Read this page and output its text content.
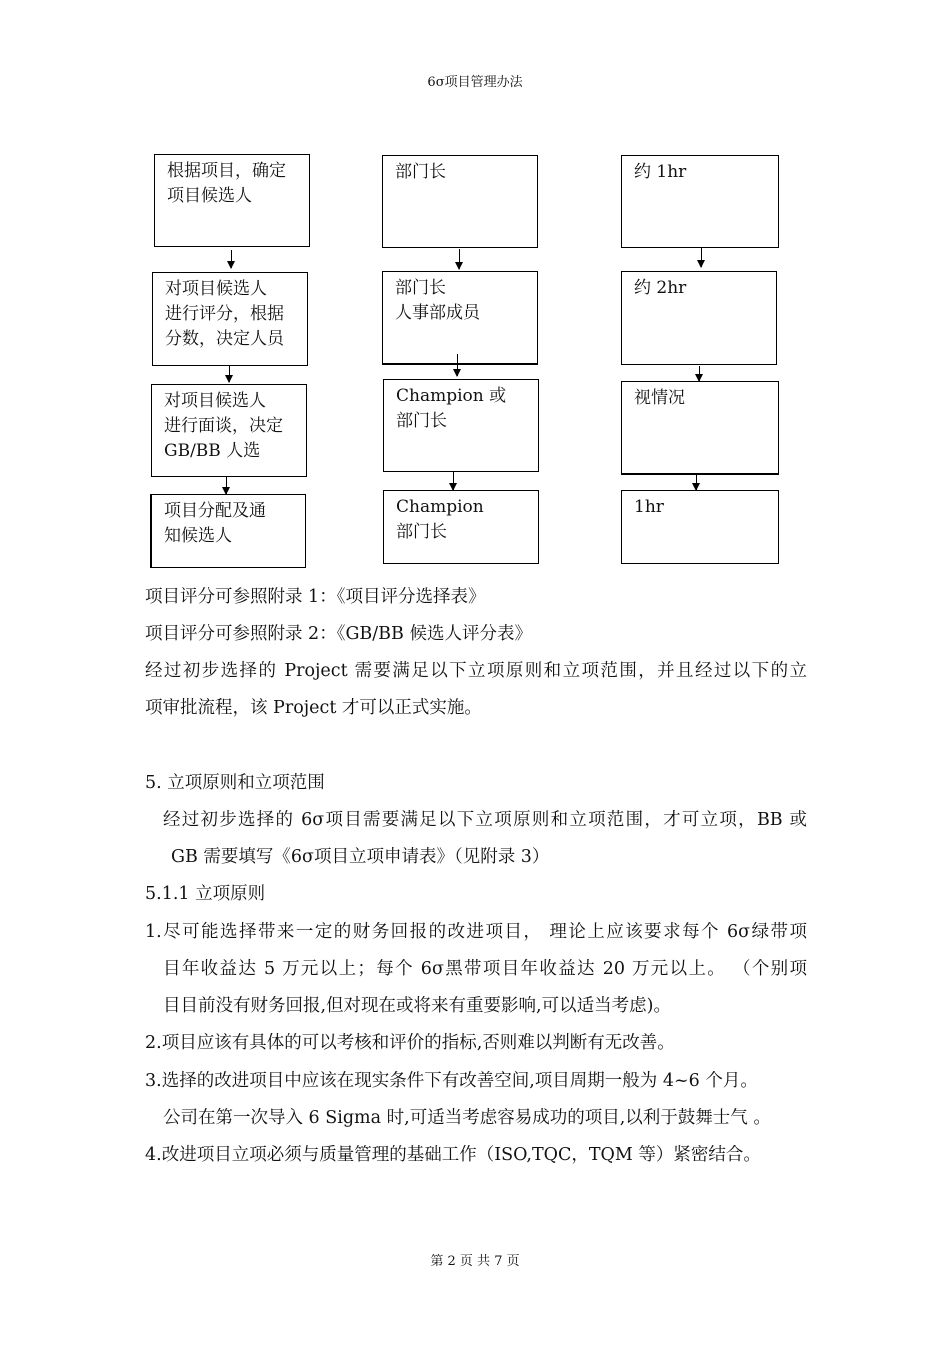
6σ项目管理办法
根据项目，确定
项目候选人
对项目候选人
进行评分，根据
分数，决定人员
对项目候选人
进行面谈，决定
GB/BB 人选
项目分配及通
知候选人
部门长
部门长
人事部成员
Champion 或
部门长
Champion
部门长
约 1hr
约 2hr
视情况
1hr
项目评分可参照附录 1：《项目评分选择表》
项目评分可参照附录 2：《GB/BB 候选人评分表》
经过初步选择的 Project 需要满足以下立项原则和立项范围，并且经过以下的立
项审批流程，该 Project 才可以正式实施。
5. 立项原则和立项范围
经过初步选择的 6σ项目需要满足以下立项原则和立项范围，才可立项，BB 或
GB 需要填写《6σ项目立项申请表》（见附录 3）
5.1.1 立项原则
1.尽可能选择带来一定的财务回报的改进项目， 理论上应该要求每个 6σ绿带项
目年收益达 5 万元以上；每个 6σ黑带项目年收益达 20 万元以上。 （个别项
目目前没有财务回报,但对现在或将来有重要影响,可以适当考虑)。
2.项目应该有具体的可以考核和评价的指标,否则难以判断有无改善。
3.选择的改进项目中应该在现实条件下有改善空间,项目周期一般为 4~6 个月。
公司在第一次导入 6 Sigma 时,可适当考虑容易成功的项目,以利于鼓舞士气 。
4.改进项目立项必须与质量管理的基础工作（ISO,TQC，TQM 等）紧密结合。
第 2 页 共 7 页
